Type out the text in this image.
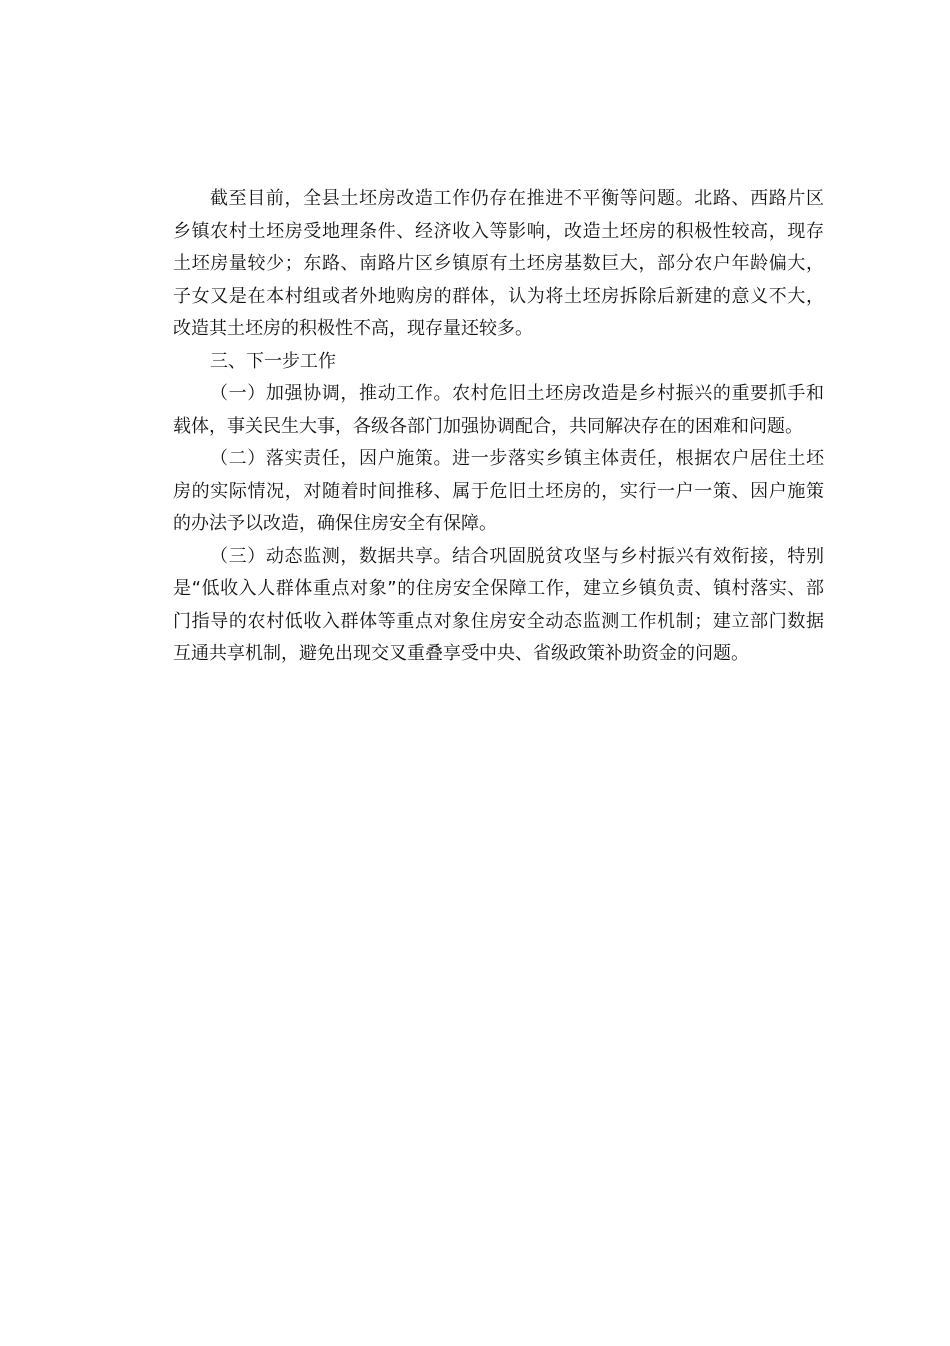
截至目前，全县土坯房改造工作仍存在推进不平衡等问题。北路、西路片区
乡镇农村土坯房受地理条件、经济收入等影响，改造土坯房的积极性较高，现存
土坯房量较少；东路、南路片区乡镇原有土坯房基数巨大，部分农户年龄偏大，
子女又是在本村组或者外地购房的群体，认为将土坯房拆除后新建的意义不大，
改造其土坯房的积极性不高，现存量还较多。
三、下一步工作
（一）加强协调，推动工作。农村危旧土坯房改造是乡村振兴的重要抓手和
载体，事关民生大事，各级各部门加强协调配合，共同解决存在的困难和问题。
（二）落实责任，因户施策。进一步落实乡镇主体责任，根据农户居住土坯
房的实际情况，对随着时间推移、属于危旧土坯房的，实行一户一策、因户施策
的办法予以改造，确保住房安全有保障。
（三）动态监测，数据共享。结合巩固脱贫攻坚与乡村振兴有效衔接，特别
是“低收入人群体重点对象”的住房安全保障工作，建立乡镇负责、镇村落实、部
门指导的农村低收入群体等重点对象住房安全动态监测工作机制；建立部门数据
互通共享机制，避免出现交叉重叠享受中央、省级政策补助资金的问题。
